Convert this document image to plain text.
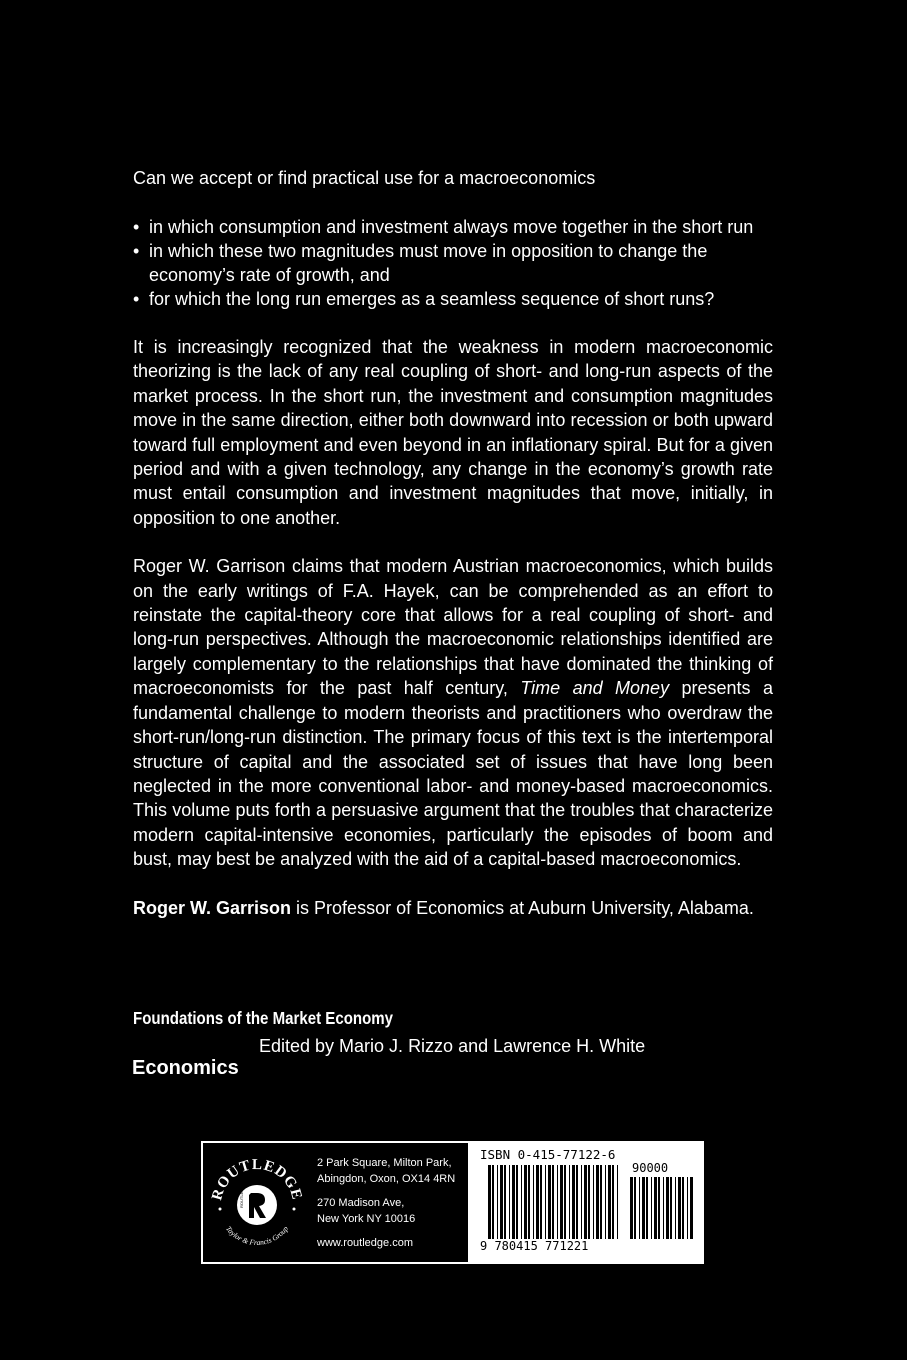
Can we accept or find practical use for a macroeconomics

• in which consumption and investment always move together in the short run
• in which these two magnitudes must move in opposition to change the economy’s rate of growth, and
• for which the long run emerges as a seamless sequence of short runs?

It is increasingly recognized that the weakness in modern macroeconomic theorizing is the lack of any real coupling of short- and long-run aspects of the market process. In the short run, the investment and consumption magnitudes move in the same direction, either both downward into recession or both upward toward full employment and even beyond in an inflationary spiral. But for a given period and with a given technology, any change in the economy’s growth rate must entail consumption and investment magnitudes that move, initially, in opposition to one another.

Roger W. Garrison claims that modern Austrian macroeconomics, which builds on the early writings of F.A. Hayek, can be comprehended as an effort to reinstate the capital-theory core that allows for a real coupling of short- and long-run perspectives. Although the macroeconomic relationships identified are largely complementary to the relationships that have dominated the thinking of macroeconomists for the past half century, Time and Money presents a fundamental challenge to modern theorists and practitioners who overdraw the short-run/long-run distinction. The primary focus of this text is the intertemporal structure of capital and the associated set of issues that have long been neglected in the more conventional labor- and money-based macroeconomics. This volume puts forth a persuasive argument that the troubles that characterize modern capital-intensive economies, particularly the episodes of boom and bust, may best be analyzed with the aid of a capital-based macroeconomics.

Roger W. Garrison is Professor of Economics at Auburn University, Alabama.

Foundations of the Market Economy
Edited by Mario J. Rizzo and Lawrence H. White
Economics
ROUTLEDGE
Taylor & Francis Group
ROUTLEDGE
2 Park Square, Milton Park,
Abingdon, Oxon, OX14 4RN
270 Madison Ave,
New York NY 10016
www.routledge.com
ISBN 0-415-77122-6
90000
9 780415 771221
